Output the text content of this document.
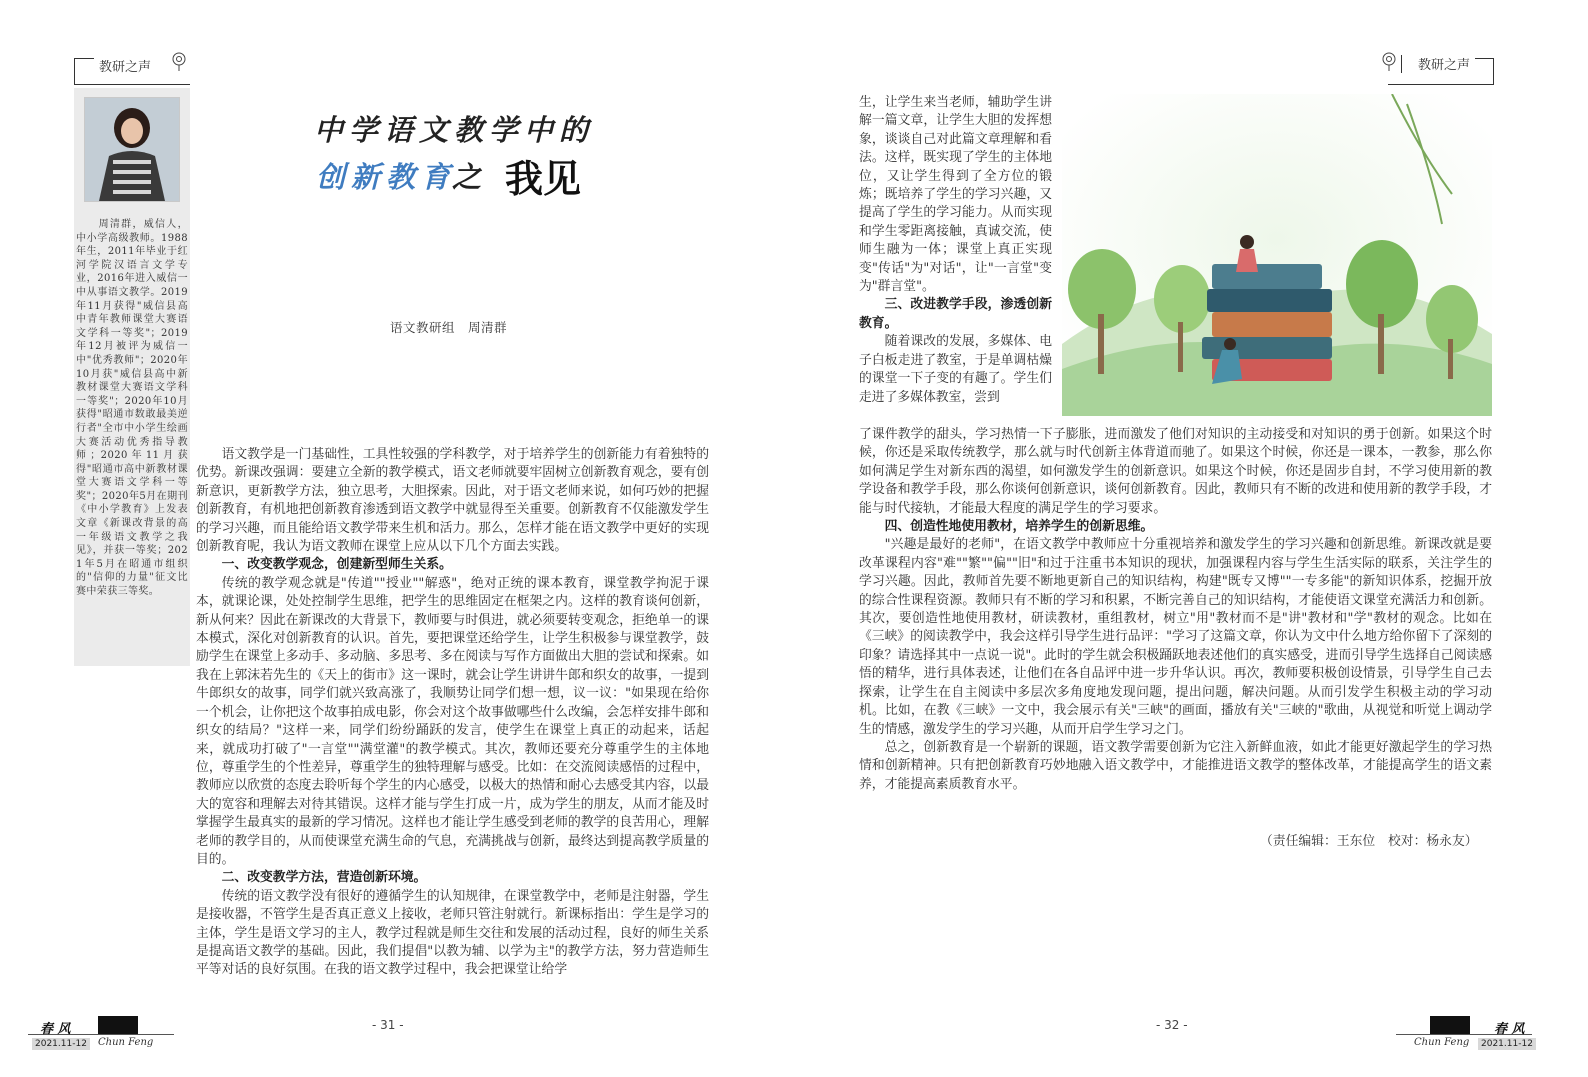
教研之声	教研之声
　　周清群，威信人，中小学高级教师。1988年生，2011年毕业于红河学院汉语言文学专业，2016年进入威信一中从事语文教学。2019年11月获得"威信县高中青年教师课堂大赛语文学科一等奖"；2019年12月被评为威信一中"优秀教师"；2020年10月获"威信县高中新教材课堂大赛语文学科一等奖"；2020年10月获得"昭通市数敢最美逆行者"全市中小学生绘画大赛活动优秀指导教师；2020年11月获得"昭通市高中新教材课堂大赛语文学科一等奖"；2020年5月在期刊《中小学教育》上发表文章《新课改背景的高一年级语文教学之我见》，并获一等奖；2021年5月在昭通市组织的"信仰的力量"征文比赛中荣获三等奖。
中学语文教学中的
创新教育
之 我见
语文教研组　周清群

语文教学是一门基础性，工具性较强的学科教学，对于培养学生的创新能力有着独特的优势。新课改强调：要建立全新的教学模式，语文老师就要牢固树立创新教育观念，要有创新意识，更新教学方法，独立思考，大胆探索。因此，对于语文老师来说，如何巧妙的把握创新教育，有机地把创新教育渗透到语文教学中就显得至关重要。创新教育不仅能激发学生的学习兴趣，而且能给语文教学带来生机和活力。那么，怎样才能在语文教学中更好的实现创新教育呢，我认为语文教师在课堂上应从以下几个方面去实践。

一、改变教学观念，创建新型师生关系。

传统的教学观念就是"传道""授业""解惑"，绝对正统的课本教育，课堂教学拘泥于课本，就课论课，处处控制学生思维，把学生的思维固定在框架之内。这样的教育谈何创新，新从何来？因此在新课改的大背景下，教师要与时俱进，就必须要转变观念，拒绝单一的课本模式，深化对创新教育的认识。首先，要把课堂还给学生，让学生积极参与课堂教学，鼓励学生在课堂上多动手、多动脑、多思考、多在阅读与写作方面做出大胆的尝试和探索。如我在上郭沫若先生的《天上的街市》这一课时，就会让学生讲讲牛郎和织女的故事，一提到牛郎织女的故事，同学们就兴致高涨了，我顺势让同学们想一想，议一议："如果现在给你一个机会，让你把这个故事拍成电影，你会对这个故事做哪些什么改编，会怎样安排牛郎和织女的结局？"这样一来，同学们纷纷踊跃的发言，使学生在课堂上真正的动起来，话起来，就成功打破了"一言堂""满堂灌"的教学模式。其次，教师还要充分尊重学生的主体地位，尊重学生的个性差异，尊重学生的独特理解与感受。比如：在交流阅读感悟的过程中，教师应以欣赏的态度去聆听每个学生的内心感受，以极大的热情和耐心去感受其内容，以最大的宽容和理解去对待其错误。这样才能与学生打成一片，成为学生的朋友，从而才能及时掌握学生最真实的最新的学习情况。这样也才能让学生感受到老师的教学的良苦用心，理解老师的教学目的，从而使课堂充满生命的气息，充满挑战与创新，最终达到提高教学质量的目的。

二、改变教学方法，营造创新环境。

传统的语文教学没有很好的遵循学生的认知规律，在课堂教学中，老师是注射器，学生是接收器，不管学生是否真正意义上接收，老师只管注射就行。新课标指出：学生是学习的主体，学生是语文学习的主人，教学过程就是师生交往和发展的活动过程，良好的师生关系是提高语文教学的基础。因此，我们提倡"以教为辅、以学为主"的教学方法，努力营造师生平等对话的良好氛围。在我的语文教学过程中，我会把课堂让给学

生，让学生来当老师，辅助学生讲解一篇文章，让学生大胆的发挥想象，谈谈自己对此篇文章理解和看法。这样，既实现了学生的主体地位，又让学生得到了全方位的锻炼；既培养了学生的学习兴趣，又提高了学生的学习能力。从而实现和学生零距离接触，真诚交流，使师生融为一体；课堂上真正实现变"传话"为"对话"，让"一言堂"变为"群言堂"。

三、改进教学手段，渗透创新教育。

随着课改的发展，多媒体、电子白板走进了教室，于是单调枯燥的课堂一下子变的有趣了。学生们走进了多媒体教室，尝到

了课件教学的甜头，学习热情一下子膨胀，进而激发了他们对知识的主动接受和对知识的勇于创新。如果这个时候，你还是采取传统教学，那么就与时代创新主体背道而驰了。如果这个时候，你还是一课本，一教参，那么你如何满足学生对新东西的渴望，如何激发学生的创新意识。如果这个时候，你还是固步自封，不学习使用新的教学设备和教学手段，那么你谈何创新意识，谈何创新教育。因此，教师只有不断的改进和使用新的教学手段，才能与时代接轨，才能最大程度的满足学生的学习要求。

四、创造性地使用教材，培养学生的创新思维。

"兴趣是最好的老师"，在语文教学中教师应十分重视培养和激发学生的学习兴趣和创新思维。新课改就是要改革课程内容"难""繁""偏""旧"和过于注重书本知识的现状，加强课程内容与学生生活实际的联系，关注学生的学习兴趣。因此，教师首先要不断地更新自己的知识结构，构建"既专又博""一专多能"的新知识体系，挖掘开放的综合性课程资源。教师只有不断的学习和积累，不断完善自己的知识结构，才能使语文课堂充满活力和创新。其次，要创造性地使用教材，研读教材，重组教材，树立"用"教材而不是"讲"教材和"学"教材的观念。比如在《三峡》的阅读教学中，我会这样引导学生进行品评："学习了这篇文章，你认为文中什么地方给你留下了深刻的印象？请选择其中一点说一说"。此时的学生就会积极踊跃地表述他们的真实感受，进而引导学生选择自己阅读感悟的精华，进行具体表述，让他们在各自品评中进一步升华认识。再次，教师要积极创设情景，引导学生自己去探索，让学生在自主阅读中多层次多角度地发现问题，提出问题，解决问题。从而引发学生积极主动的学习动机。比如，在教《三峡》一文中，我会展示有关"三峡"的画面，播放有关"三峡的"歌曲，从视觉和听觉上调动学生的情感，激发学生的学习兴趣，从而开启学生学习之门。

总之，创新教育是一个崭新的课题，语文教学需要创新为它注入新鲜血液，如此才能更好激起学生的学习热情和创新精神。只有把创新教育巧妙地融入语文教学中，才能推进语文教学的整体改革，才能提高学生的语文素养，才能提高素质教育水平。

（责任编辑：王东位　校对：杨永友）
春 风
2021.11-12	Chun Feng
- 31 -	- 32 -	春 风
Chun Feng	2021.11-12
